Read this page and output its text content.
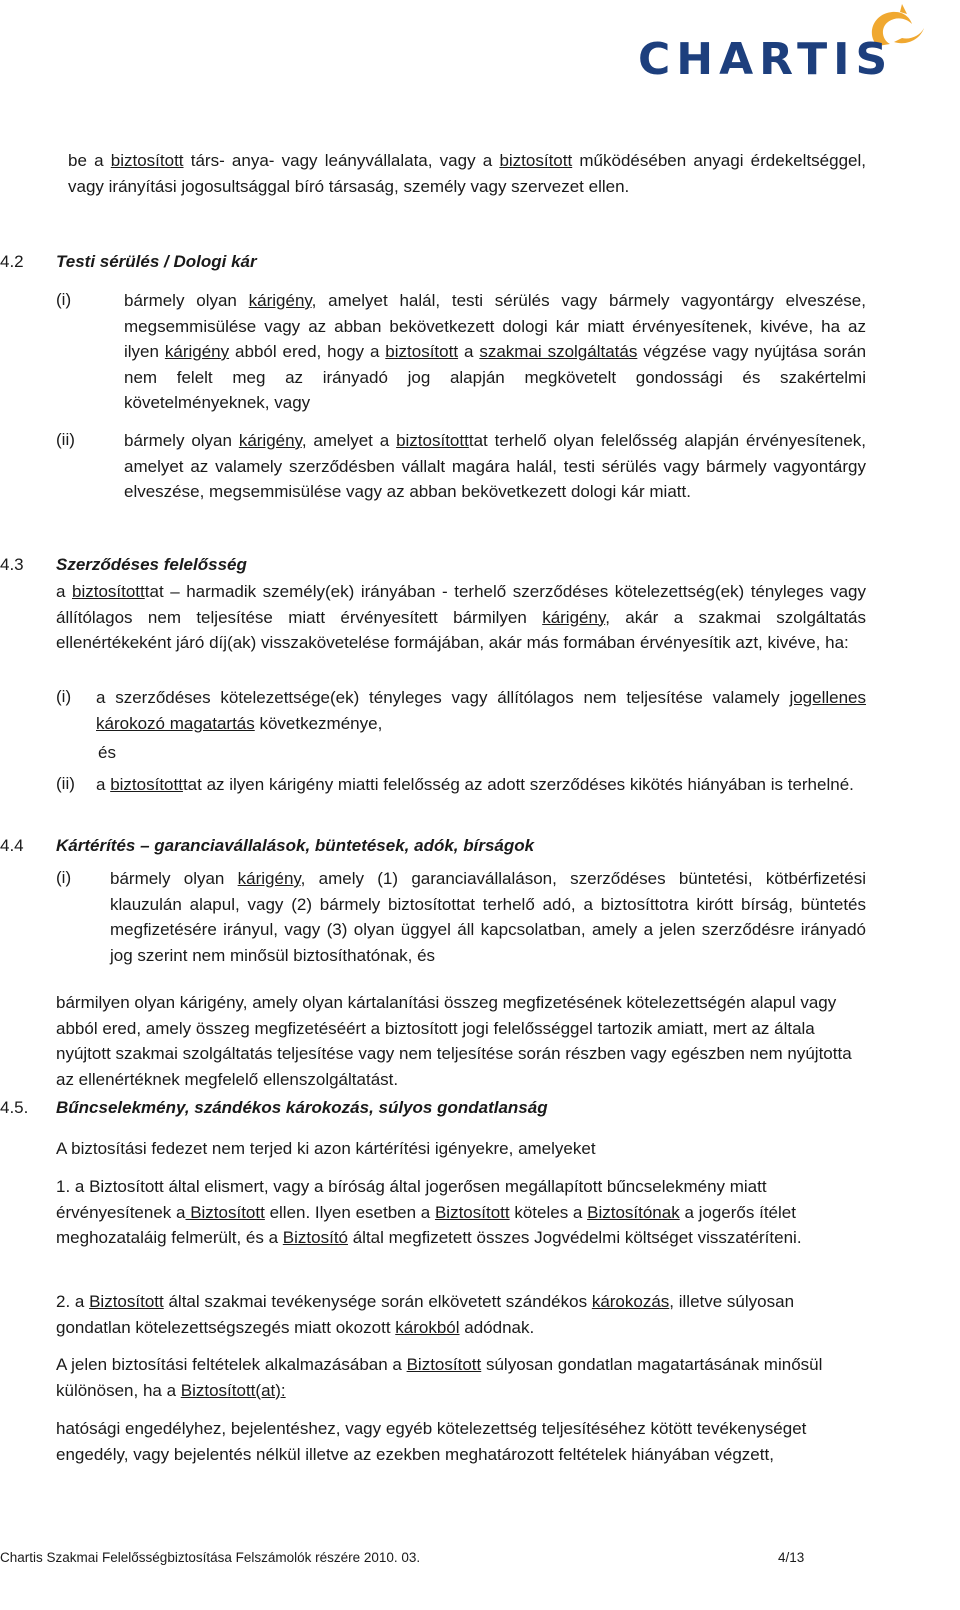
CHARTIS

be a biztosított társ- anya- vagy leányvállalata, vagy a biztosított működésében anyagi érdekeltséggel, vagy irányítási jogosultsággal bíró társaság, személy vagy szervezet ellen.

4.2 Testi sérülés / Dologi kár
(i)	bármely olyan kárigény, amelyet halál, testi sérülés vagy bármely vagyontárgy elveszése, megsemmisülése vagy az abban bekövetkezett dologi kár miatt érvényesítenek, kivéve, ha az ilyen kárigény abból ered, hogy a biztosított a szakmai szolgáltatás végzése vagy nyújtása során nem felelt meg az irányadó jog alapján megkövetelt gondossági és szakértelmi követelményeknek, vagy

(ii)	bármely olyan kárigény, amelyet a biztosítotttat terhelő olyan felelősség alapján érvényesítenek, amelyet az valamely szerződésben vállalt magára halál, testi sérülés vagy bármely vagyontárgy elveszése, megsemmisülése vagy az abban bekövetkezett dologi kár miatt.

4.3 Szerződéses felelősség

a biztosítotttat – harmadik személy(ek) irányában - terhelő szerződéses kötelezettség(ek) tényleges vagy állítólagos nem teljesítése miatt érvényesített bármilyen kárigény, akár a szakmai szolgáltatás ellenértékeként járó díj(ak) visszakövetelése formájában, akár más formában érvényesítik azt, kivéve, ha:

(i) a szerződéses kötelezettsége(ek) tényleges vagy állítólagos nem teljesítése valamely jogellenes károkozó magatartás következménye,

és
(ii) a biztosítotttat az ilyen kárigény miatti felelősség az adott szerződéses kikötés hiányában is terhelné.

4.4 Kártérítés – garanciavállalások, büntetések, adók, bírságok
(i) bármely olyan kárigény, amely (1) garanciavállaláson, szerződéses büntetési, kötbérfizetési klauzulán alapul, vagy (2) bármely biztosítottat terhelő adó, a biztosíttotra kirótt bírság, büntetés megfizetésére irányul, vagy (3) olyan üggyel áll kapcsolatban, amely a jelen szerződésre irányadó jog szerint nem minősül biztosíthatónak, és

bármilyen olyan kárigény, amely olyan kártalanítási összeg megfizetésének kötelezettségén alapul vagy abból ered, amely összeg megfizetéséért a biztosított jogi felelősséggel tartozik amiatt, mert az általa nyújtott szakmai szolgáltatás teljesítése vagy nem teljesítése során részben vagy egészben nem nyújtotta az ellenértéknek megfelelő ellenszolgáltatást.

4.5. Bűncselekmény, szándékos károkozás, súlyos gondatlanság

A biztosítási fedezet nem terjed ki azon kártérítési igényekre, amelyeket

1. a Biztosított által elismert, vagy a bíróság által jogerősen megállapított bűncselekmény miatt érvényesítenek a Biztosított ellen. Ilyen esetben a Biztosított köteles a Biztosítónak a jogerős ítélet meghozataláig felmerült, és a Biztosító által megfizetett összes Jogvédelmi költséget visszatéríteni.

2. a Biztosított által szakmai tevékenysége során elkövetett szándékos károkozás, illetve súlyosan gondatlan kötelezettségszegés miatt okozott károkból adódnak.

A jelen biztosítási feltételek alkalmazásában a Biztosított súlyosan gondatlan magatartásának minősül különösen, ha a Biztosított(at):

hatósági engedélyhez, bejelentéshez, vagy egyéb kötelezettség teljesítéséhez kötött tevékenységet engedély, vagy bejelentés nélkül illetve az ezekben meghatározott feltételek hiányában végzett,

Chartis Szakmai Felelősségbiztosítása Felszámolók részére 2010. 03.	4/13
